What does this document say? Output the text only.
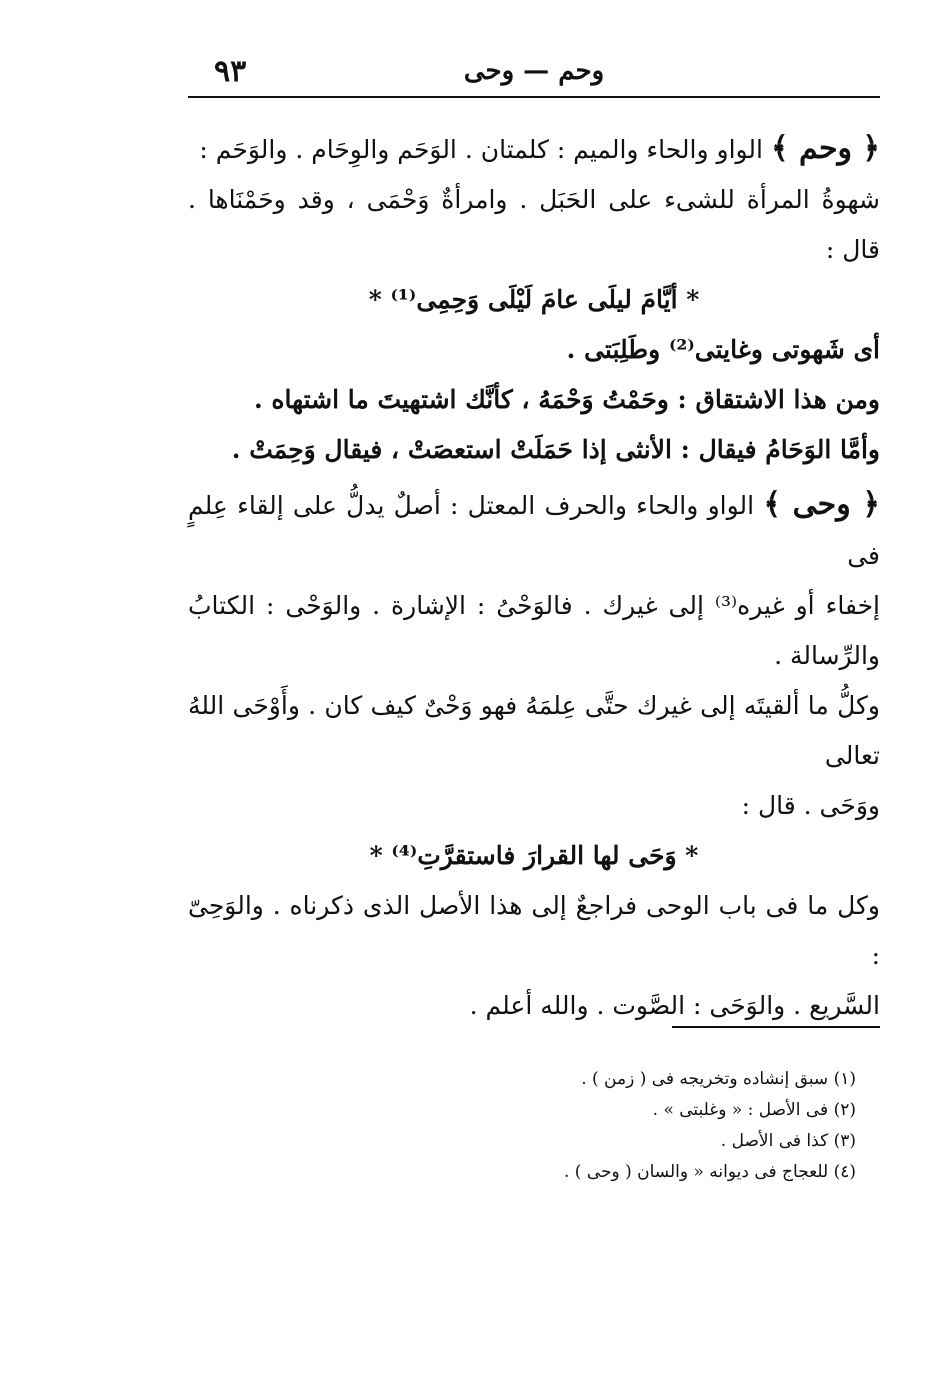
٩٣	وحم — وحى

﴿ وحم ﴾ الواو والحاء والميم : كلمتان . الوَحَم والوِحَام . والوَحَم :

شهوةُ المرأة للشىء على الحَبَل . وامرأةٌ وَحْمَى ، وقد وحَمْنَاها . قال :

* أيَّامَ ليلَى عامَ لَيْلَى وَحِمِى⁽¹⁾ *

أى شَهوتى وغايتى⁽²⁾ وطَلِبَتى .

ومن هذا الاشتقاق : وحَمْتُ وَحْمَهُ ، كأنَّك اشتهيتَ ما اشتهاه .

وأمَّا الوَحَامُ فيقال : الأنثى إذا حَمَلَتْ استعصَتْ ، فيقال وَحِمَتْ .

﴿ وحى ﴾ الواو والحاء والحرف المعتل : أصلٌ يدلُّ على إلقاء عِلمٍ فى

إخفاء أو غيره⁽³⁾ إلى غيرك . فالوَحْىُ : الإشارة . والوَحْى : الكتابُ والرِّسالة .

وكلُّ ما ألقيتَه إلى غيرك حتَّى عِلمَهُ فهو وَحْىٌ كيف كان . وأَوْحَى اللهُ تعالى

ووَحَى . قال :

* وَحَى لها القرارَ فاستقرَّتِ⁽⁴⁾ *

وكل ما فى باب الوحى فراجعٌ إلى هذا الأصل الذى ذكرناه . والوَحِىّ :

السَّريع . والوَحَى : الصَّوت . والله أعلم .

(١) سبق إنشاده وتخريجه فى ( زمن ) .
(٢) فى الأصل : « وغلبتى » .
(٣) كذا فى الأصل .
(٤) للعجاج فى ديوانه « والسان ( وحى ) .
